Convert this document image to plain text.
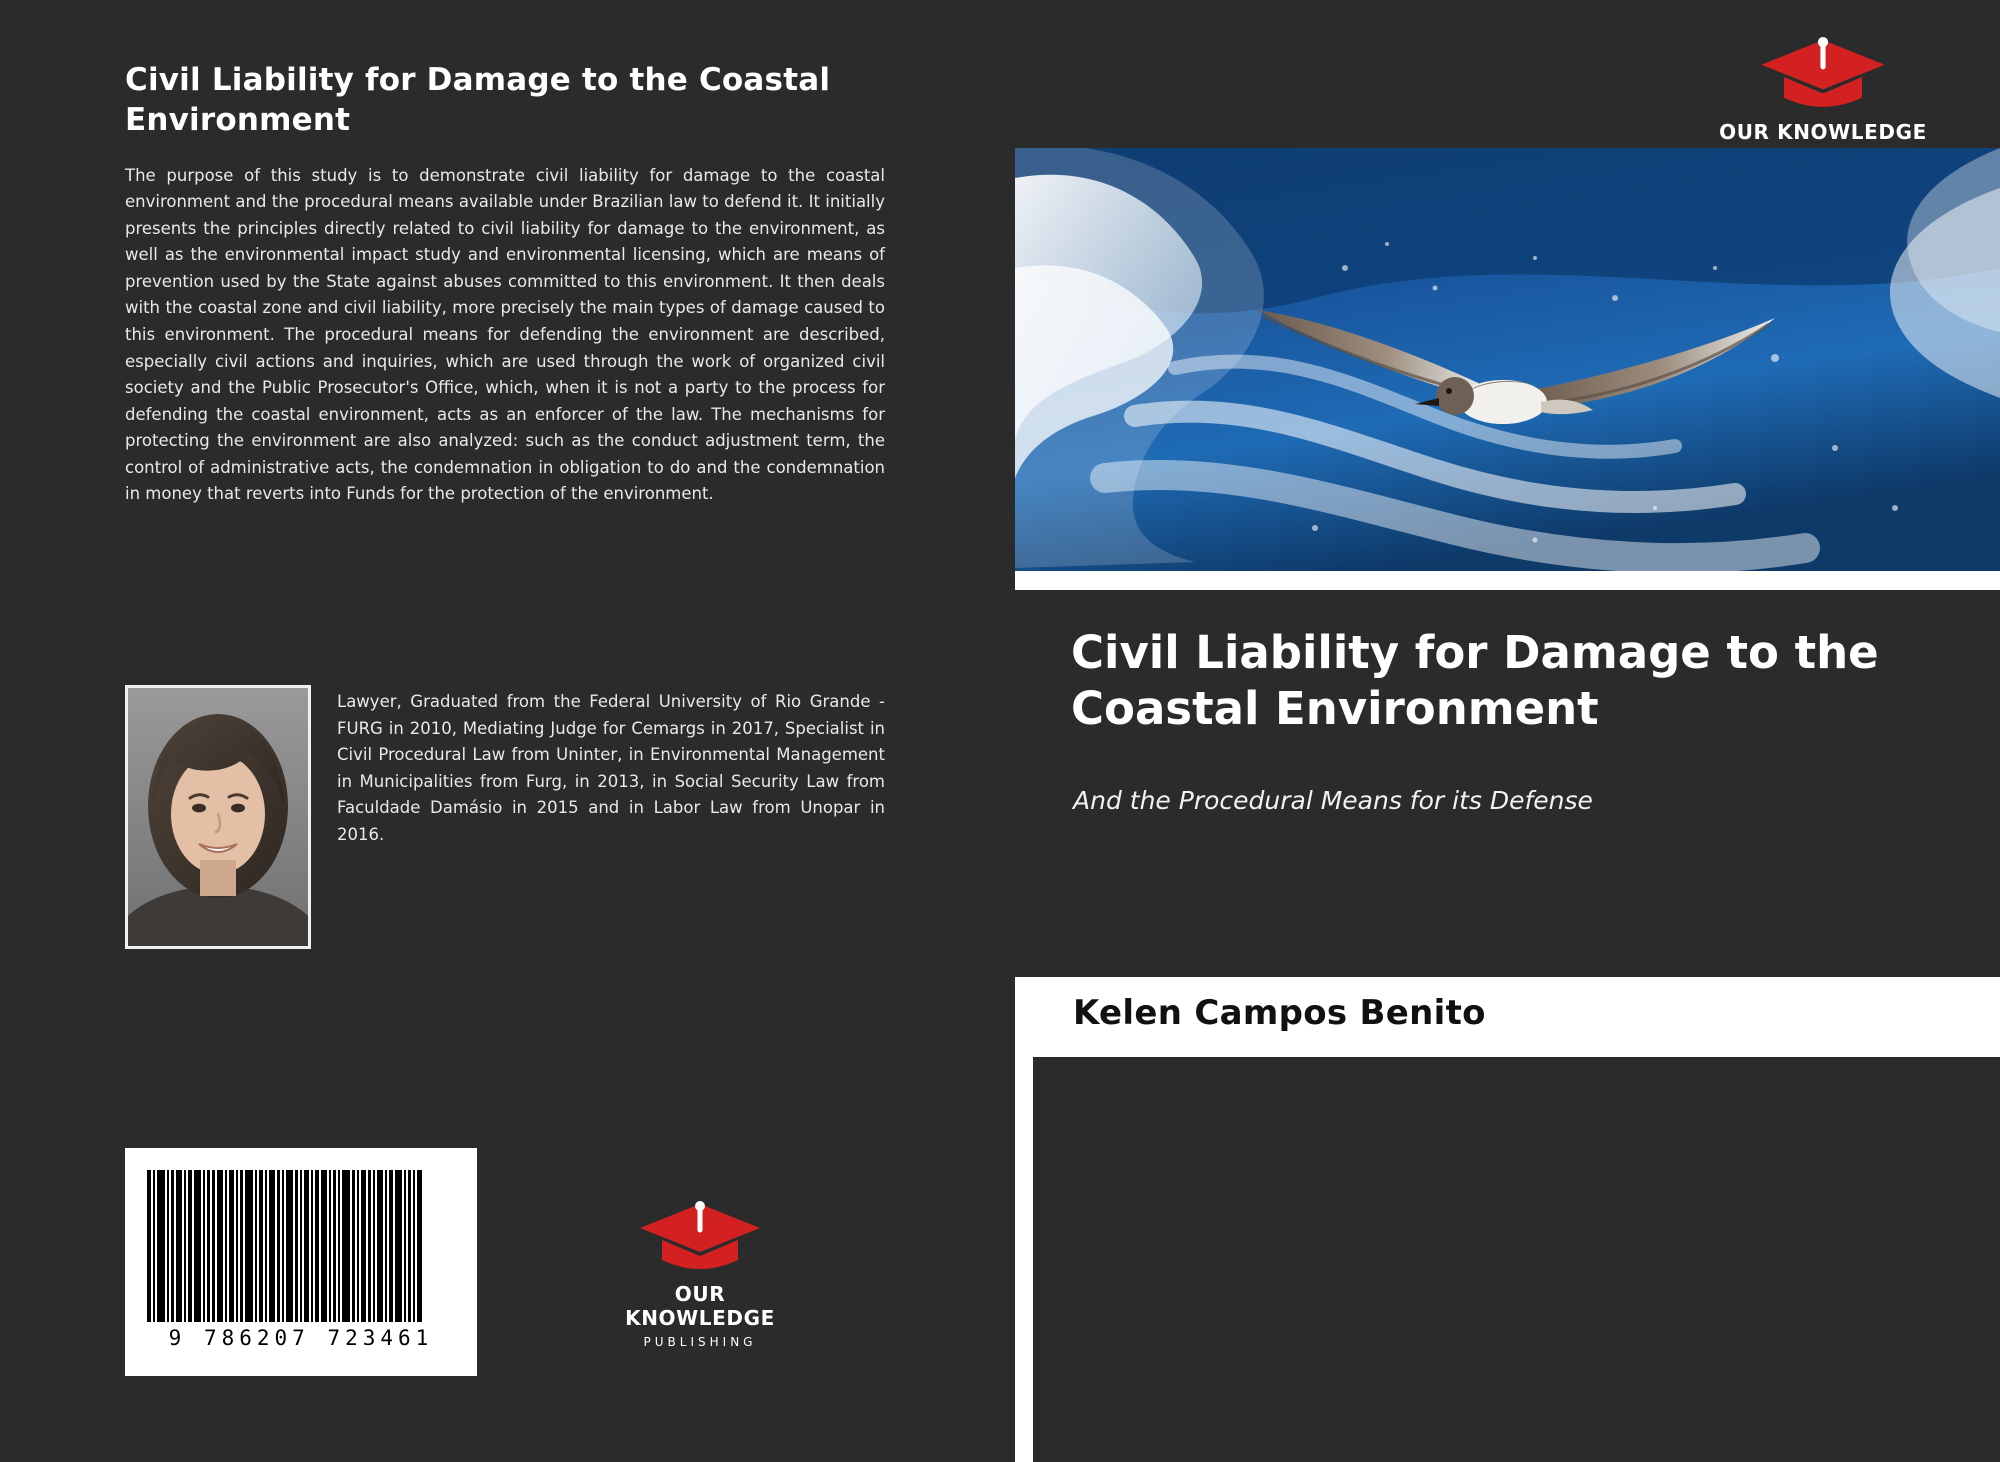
Civil Liability for Damage to the Coastal Environment

The purpose of this study is to demonstrate civil liability for damage to the coastal environment and the procedural means available under Brazilian law to defend it. It initially presents the principles directly related to civil liability for damage to the environment, as well as the environmental impact study and environmental licensing, which are means of prevention used by the State against abuses committed to this environment. It then deals with the coastal zone and civil liability, more precisely the main types of damage caused to this environment. The procedural means for defending the environment are described, especially civil actions and inquiries, which are used through the work of organized civil society and the Public Prosecutor's Office, which, when it is not a party to the process for defending the coastal environment, acts as an enforcer of the law. The mechanisms for protecting the environment are also analyzed: such as the conduct adjustment term, the control of administrative acts, the condemnation in obligation to do and the condemnation in money that reverts into Funds for the protection of the environment.

Lawyer, Graduated from the Federal University of Rio Grande - FURG in 2010, Mediating Judge for Cemargs in 2017, Specialist in Civil Procedural Law from Uninter, in Environmental Management in Municipalities from Furg, in 2013, in Social Security Law from Faculdade Damásio in 2015 and in Labor Law from Unopar in 2016.
9 786207 723461
OUR KNOWLEDGE
PUBLISHING
OUR KNOWLEDGE
Civil Liability for Damage to the Coastal Environment
And the Procedural Means for its Defense
Kelen Campos Benito
